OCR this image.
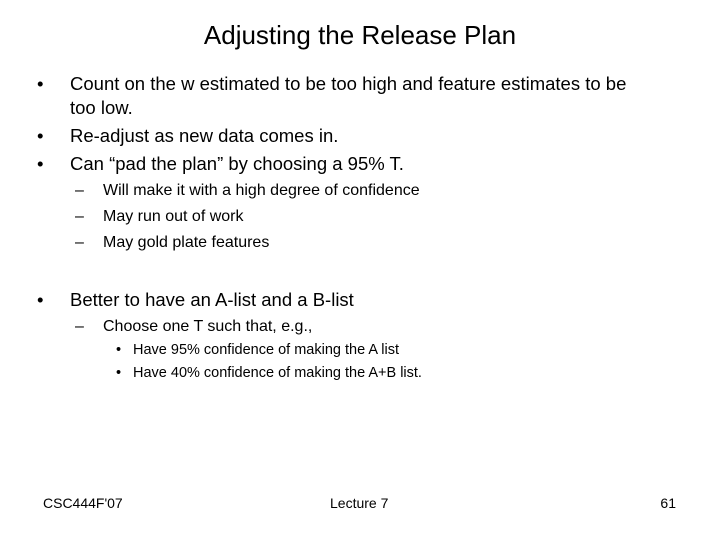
Adjusting the Release Plan
• Count on the w estimated to be too high and feature estimates to be
too low.
• Re-adjust as new data comes in.
• Can “pad the plan” by choosing a 95% T.
– Will make it with a high degree of confidence
– May run out of work
– May gold plate features
• Better to have an A-list and a B-list
– Choose one T such that, e.g.,
• Have 95% confidence of making the A list
• Have 40% confidence of making the A+B list.
CSC444F'07	Lecture 7	61
